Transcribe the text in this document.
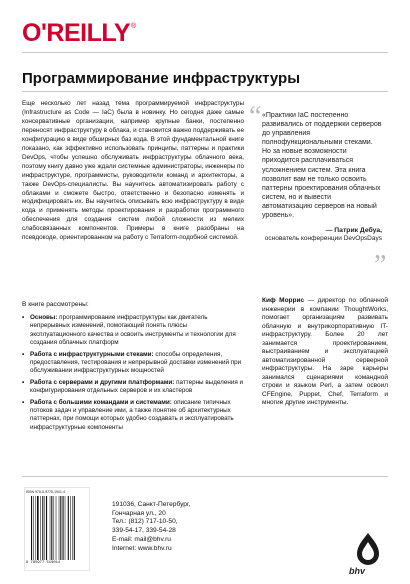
O'REILLY®
Программирование инфраструктуры

Еще несколько лет назад тема программируемой инфраструктуры (Infrastructure as Code — IaC) была в новинку. Но сегодня даже самые консервативные организации, например крупные банки, постепенно переносят инфраструктуру в облака, и становится важно поддерживать ее конфигурацию в виде обширных баз кода. В этой фундаментальной книге показано, как эффективно использовать принципы, паттерны и практики DevOps, чтобы успешно обслуживать инфраструктуры облачного века, поэтому книгу давно уже ждали системные администраторы, инженеры по инфраструктуре, программисты, руководители команд и архитекторы, а также DevOps-специалисты. Вы научитесь автоматизировать работу с облаками и сможете быстро, ответственно и безопасно изменять и модифицировать их. Вы научитесь описывать всю инфраструктуру в виде кода и применять методы проектирования и разработки программного обеспечения для создания систем любой сложности из мелких слабосвязанных компонентов. Примеры в книге разобраны на псевдокоде, ориентированном на работу с Terraform-подобной системой.

“ «Практики IaC постепенно развивались от поддержки серверов до управления полнофункциональными стеками. Но за новые возможности приходится расплачиваться усложнением систем. Эта книга позволит вам не только освоить паттерны проектирования облачных систем, но и вывести автоматизацию серверов на новый уровень».

— Патрик Дебуа,
основатель конференции DevOpsDays
”
В книге рассмотрены:
• Основы: программирование инфраструктуры как двигатель непрерывных изменений, помогающий понять плюсы эксплуатационного качества и освоить инструменты и технологии для создания облачных платформ
• Работа с инфраструктурными стеками: способы определения, предоставления, тестирования и непрерывной доставки изменений при обслуживании инфраструктурных мощностей
• Работа с серверами и другими платформами: паттерны выделения и конфигурирования отдельных серверов и их кластеров
• Работа с большими командами и системами: описание типичных потоков задач и управление ими, а также понятие об архитектурных паттернах, при помощи которых удобно создавать и эксплуатировать инфраструктурные компоненты
Киф Моррис — директор по облачной инженерии в компании ThoughtWorks, помогает организациям развивать облачную и внутрикорпоративную IT-инфраструктуру. Более 20 лет занимается проектированием, выстраиванием и эксплуатацией автоматизированной серверной инфраструктуры. На заре карьеры занимался сценариями командной строки и языком Perl, а затем освоил CFEngine, Puppet, Chef, Terraform и многие другие инструменты.
ISBN 978-5-9775-1901-4
9 785977 519014
191036, Санкт-Петербург,
Гончарная ул., 20
Тел.: (812) 717-10-50,
339-54-17, 339-54-28
E-mail: mail@bhv.ru
Internet: www.bhv.ru
bhv
